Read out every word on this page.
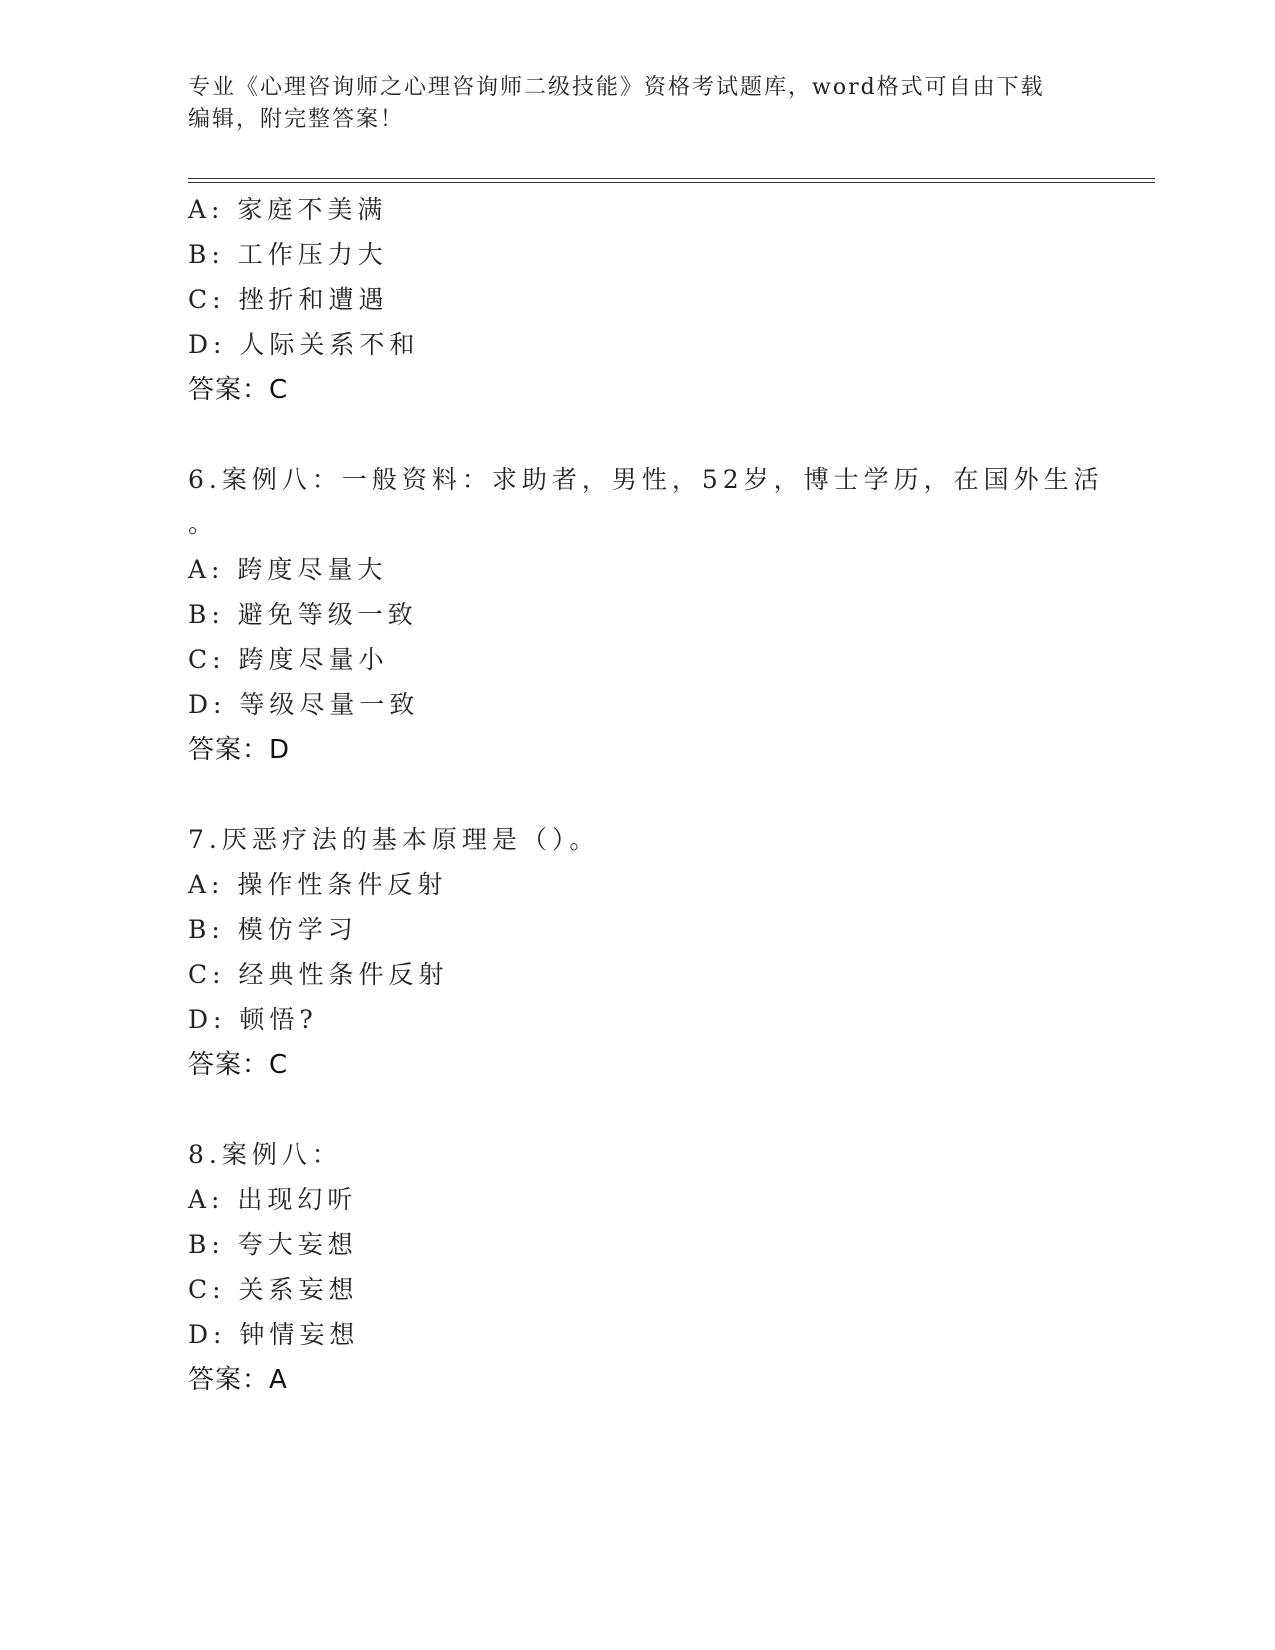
专业《心理咨询师之心理咨询师二级技能》资格考试题库，word格式可自由下载
编辑，附完整答案！
A: 家庭不美满
B: 工作压力大
C: 挫折和遭遇
D: 人际关系不和
答案：C
6.案例八：一般资料：求助者，男性，52岁，博士学历，在国外生活
。
A: 跨度尽量大
B: 避免等级一致
C: 跨度尽量小
D: 等级尽量一致
答案：D
7.厌恶疗法的基本原理是（）。
A: 操作性条件反射
B: 模仿学习
C: 经典性条件反射
D: 顿悟?
答案：C
8.案例八：
A: 出现幻听
B: 夸大妄想
C: 关系妄想
D: 钟情妄想
答案：A
